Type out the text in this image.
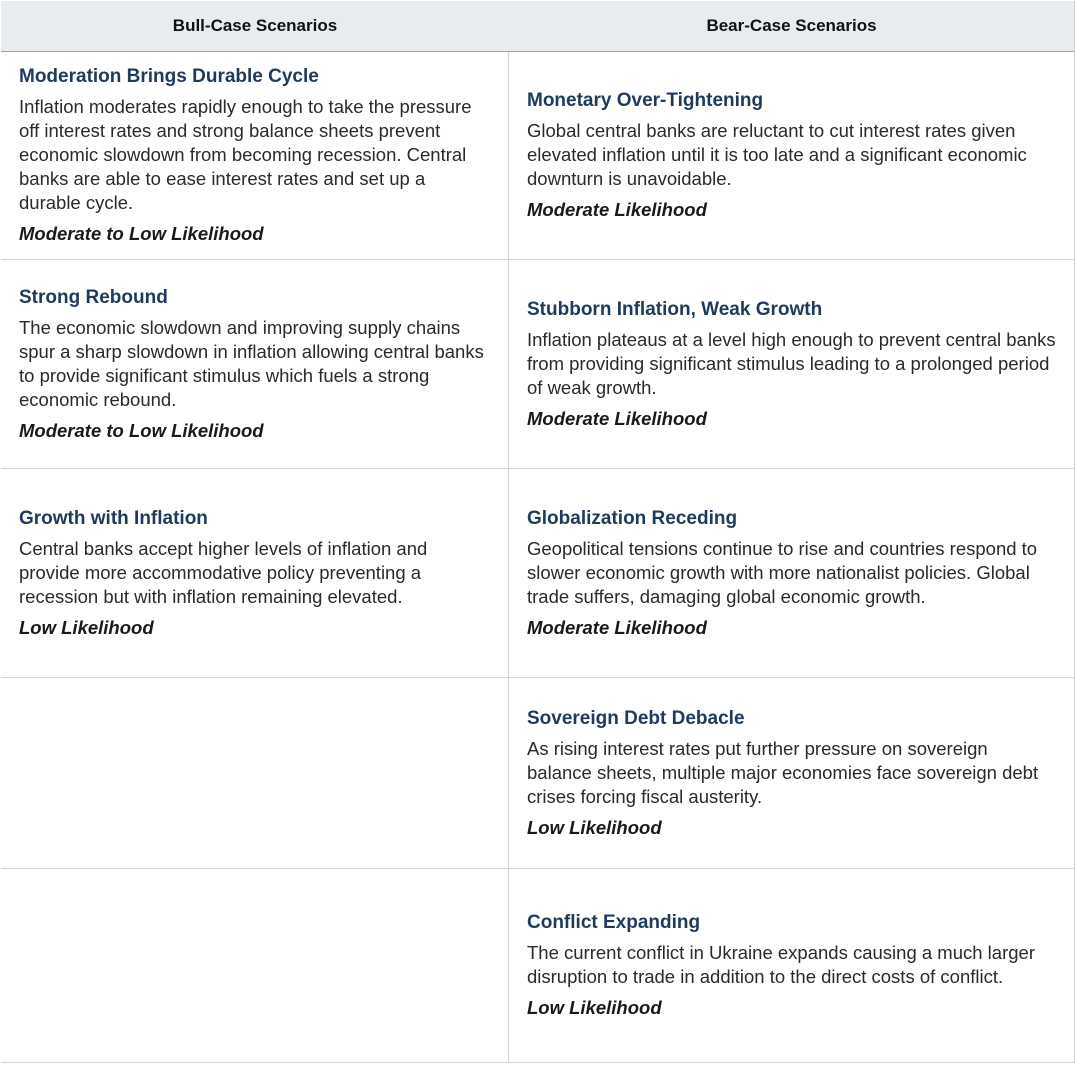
Bull-Case Scenarios	Bear-Case Scenarios
Moderation Brings Durable Cycle

Inflation moderates rapidly enough to take the pressure off interest rates and strong balance sheets prevent economic slowdown from becoming recession. Central banks are able to ease interest rates and set up a durable cycle.

Moderate to Low Likelihood
Monetary Over-Tightening

Global central banks are reluctant to cut interest rates given elevated inflation until it is too late and a significant economic downturn is unavoidable.

Moderate Likelihood
Strong Rebound

The economic slowdown and improving supply chains spur a sharp slowdown in inflation allowing central banks to provide significant stimulus which fuels a strong economic rebound.

Moderate to Low Likelihood
Stubborn Inflation, Weak Growth

Inflation plateaus at a level high enough to prevent central banks from providing significant stimulus leading to a prolonged period of weak growth.

Moderate Likelihood
Growth with Inflation

Central banks accept higher levels of inflation and provide more accommodative policy preventing a recession but with inflation remaining elevated.

Low Likelihood
Globalization Receding

Geopolitical tensions continue to rise and countries respond to slower economic growth with more nationalist policies. Global trade suffers, damaging global economic growth.

Moderate Likelihood
Sovereign Debt Debacle

As rising interest rates put further pressure on sovereign balance sheets, multiple major economies face sovereign debt crises forcing fiscal austerity.

Low Likelihood
Conflict Expanding

The current conflict in Ukraine expands causing a much larger disruption to trade in addition to the direct costs of conflict.

Low Likelihood
